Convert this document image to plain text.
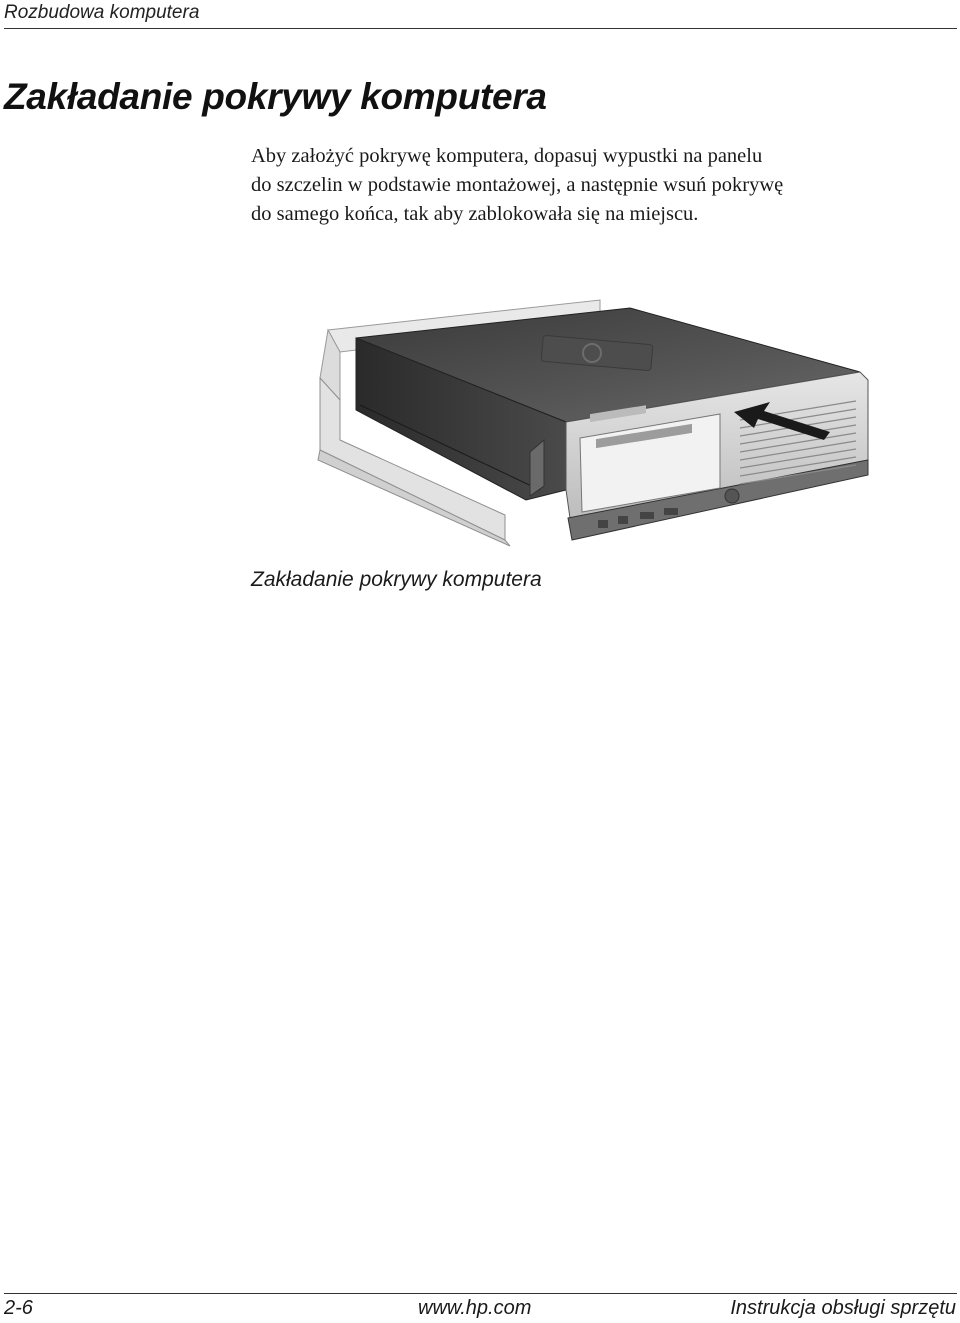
Rozbudowa komputera
Zakładanie pokrywy komputera

Aby założyć pokrywę komputera, dopasuj wypustki na panelu
do szczelin w podstawie montażowej, a następnie wsuń pokrywę
do samego końca, tak aby zablokowała się na miejscu.

Zakładanie pokrywy komputera
2-6	www.hp.com	Instrukcja obsługi sprzętu
